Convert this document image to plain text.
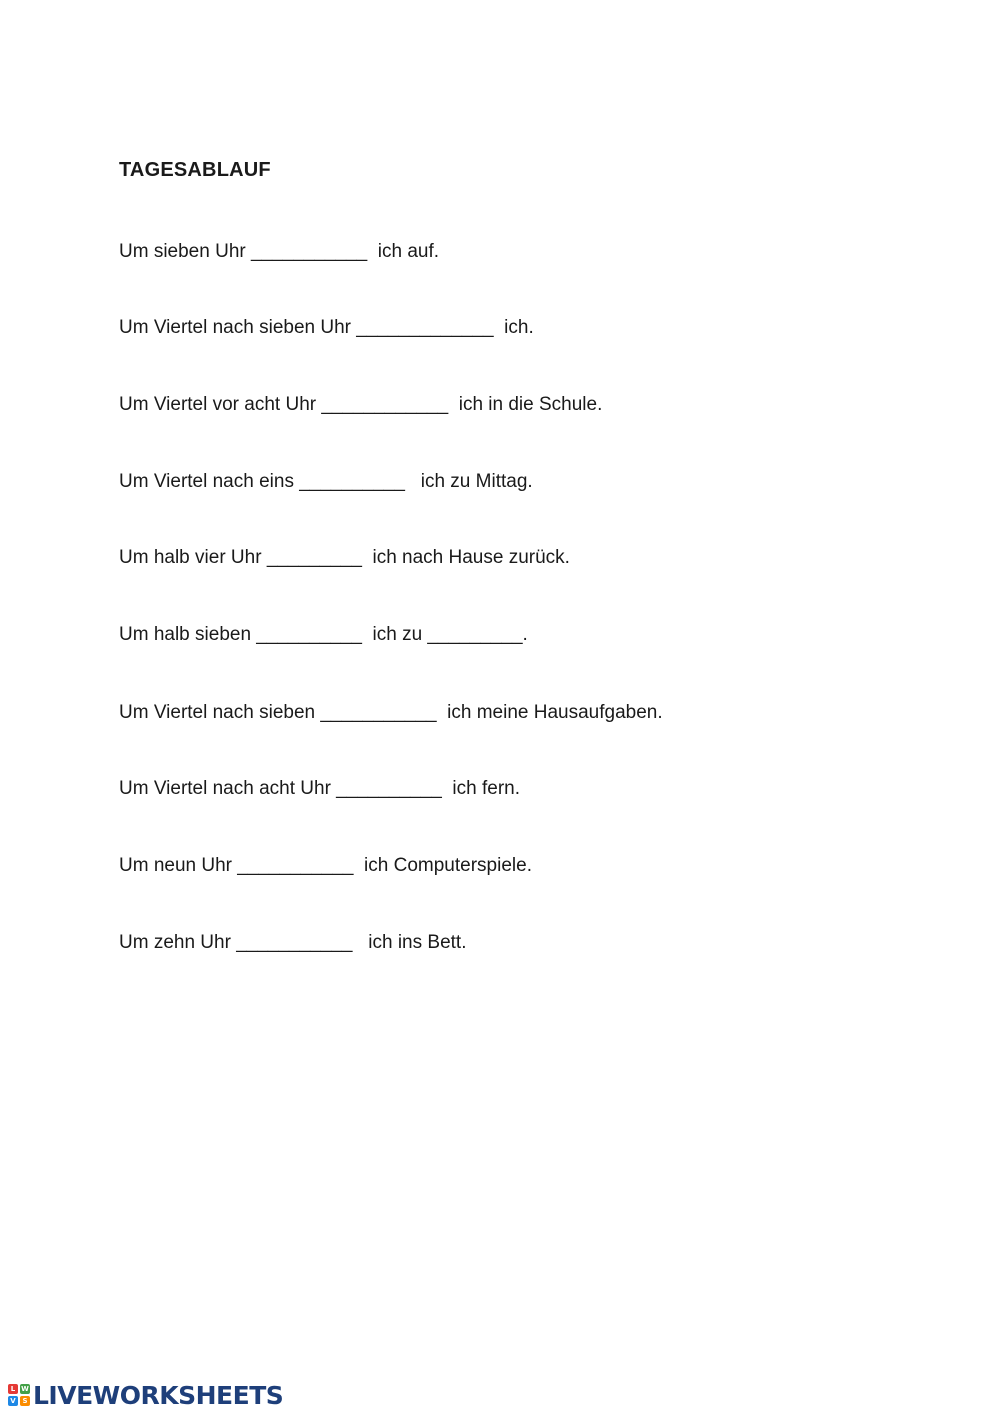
TAGESABLAUF

Um sieben Uhr ___________  ich auf.

Um Viertel nach sieben Uhr _____________  ich.

Um Viertel vor acht Uhr ____________  ich in die Schule.

Um Viertel nach eins __________   ich zu Mittag.

Um halb vier Uhr _________  ich nach Hause zurück.

Um halb sieben __________  ich zu _________.

Um Viertel nach sieben ___________  ich meine Hausaufgaben.

Um Viertel nach acht Uhr __________  ich fern.

Um neun Uhr ___________  ich Computerspiele.

Um zehn Uhr ___________   ich ins Bett.

L W
V S LIVEWORKSHEETS
